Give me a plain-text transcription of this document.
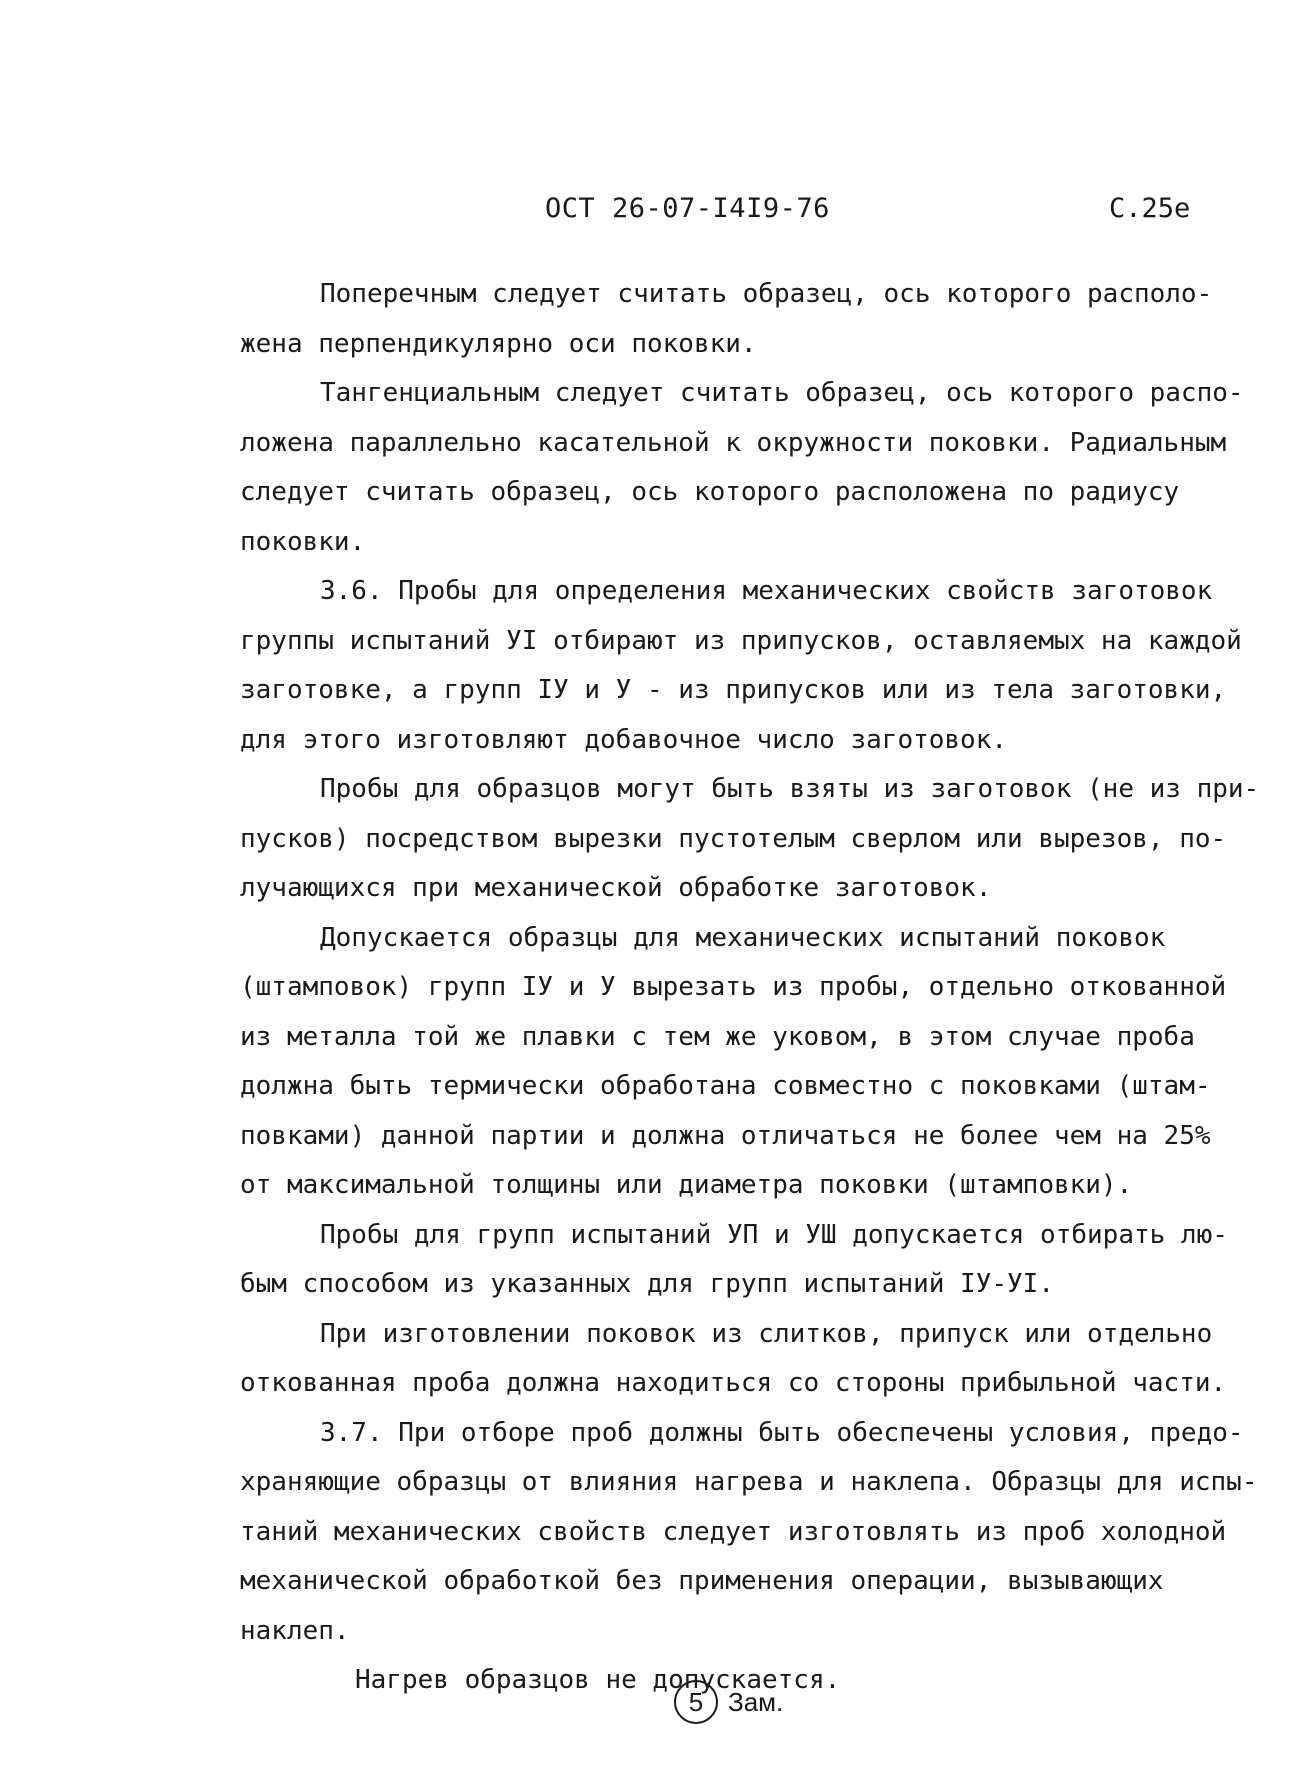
ОСТ 26-07-I4I9-76	С.25е
Поперечным следует считать образец, ось которого располо-
жена перпендикулярно оси поковки.
Тангенциальным следует считать образец, ось которого распо-
ложена параллельно касательной к окружности поковки. Радиальным
следует считать образец, ось которого расположена по радиусу
поковки.
3.6. Пробы для определения механических свойств заготовок
группы испытаний УI отбирают из припусков, оставляемых на каждой
заготовке, а групп IУ и У - из припусков или из тела заготовки,
для этого изготовляют добавочное число заготовок.
Пробы для образцов могут быть взяты из заготовок (не из при-
пусков) посредством вырезки пустотелым сверлом или вырезов, по-
лучающихся при механической обработке заготовок.
Допускается образцы для механических испытаний поковок
(штамповок) групп IУ и У вырезать из пробы, отдельно откованной
из металла той же плавки с тем же уковом, в этом случае проба
должна быть термически обработана совместно с поковками (штам-
повками) данной партии и должна отличаться не более чем на 25%
от максимальной толщины или диаметра поковки (штамповки).
Пробы для групп испытаний УП и УШ допускается отбирать лю-
бым способом из указанных для групп испытаний IУ-УI.
При изготовлении поковок из слитков, припуск или отдельно
откованная проба должна находиться со стороны прибыльной части.
3.7. При отборе проб должны быть обеспечены условия, предо-
храняющие образцы от влияния нагрева и наклепа. Образцы для испы-
таний механических свойств следует изготовлять из проб холодной
механической обработкой без применения операции, вызывающих
наклеп.
Нагрев образцов не допускается.
5 Зам.
